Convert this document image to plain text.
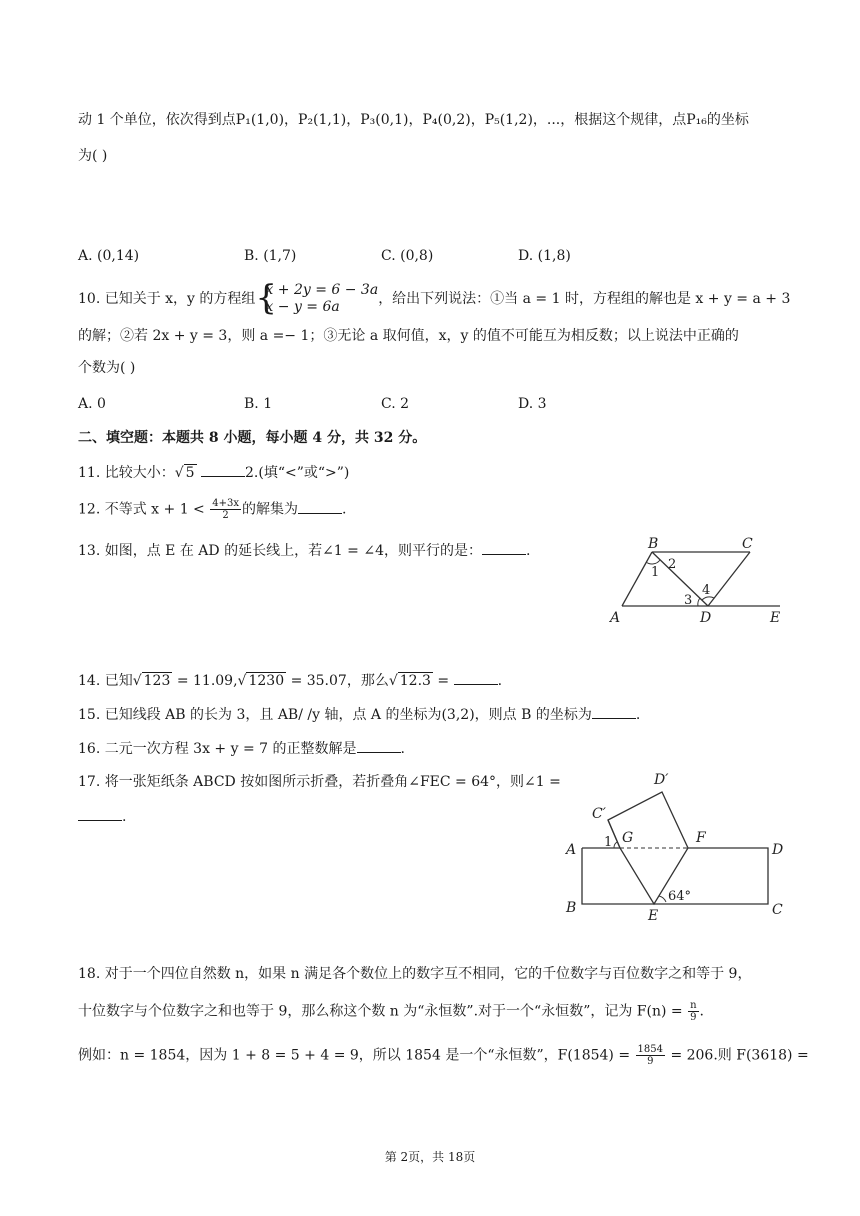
动 1 个单位，依次得到点P₁(1,0)，P₂(1,1)，P₃(0,1)，P₄(0,2)，P₅(1,2)，...，根据这个规律，点P₁₆的坐标
为( )
A. (0,14)	B. (1,7)	C. (0,8)	D. (1,8)
10. 已知关于 x，y 的方程组 {
x + 2y = 6 − 3a
x − y = 6a	，给出下列说法：①当 a = 1 时，方程组的解也是 x + y = a + 3
的解；②若 2x + y = 3，则 a =− 1；③无论 a 取何值，x，y 的值不可能互为相反数；以上说法中正确的
个数为( )
A. 0	B. 1	C. 2	D. 3
二、填空题：本题共 8 小题，每小题 4 分，共 32 分。
11. 比较大小：√ 5	2.(填“<”或“>”)
12. 不等式 $x + 1 < \frac{4+3x}{2}$ 的解集为	.
13. 如图，点 E 在 AD 的延长线上，若∠1 = ∠4，则平行的是：	.	B	C
A	D	E
1
2
3
4
14. 已知√ 123 = 11.09,√ 1230 = 35.07，那么√ 12.3 =	.
15. 已知线段 AB 的长为 3，且 AB/ /y 轴，点 A 的坐标为(3,2)，则点 B 的坐标为	.
16. 二元一次方程 3x + y = 7 的正整数解是	.
17. 将一张矩纸条 ABCD 按如图所示折叠，若折叠角∠FEC = 64°，则∠1 =
.
D′
C′
G	F
A	D
1
B	E	C
64°
18. 对于一个四位自然数 n，如果 n 满足各个数位上的数字互不相同，它的千位数字与百位数字之和等于 9，
十位数字与个位数字之和也等于 9，那么称这个数 n 为“永恒数”.对于一个“永恒数”，记为 $F(n) = \frac{n}{9}$ .
例如：n = 1854，因为 1 + 8 = 5 + 4 = 9，所以 1854 是一个“永恒数”，$F(1854) = \frac{1854}{9} = 206$.则 F(3618) =
第 2页，共 18页
